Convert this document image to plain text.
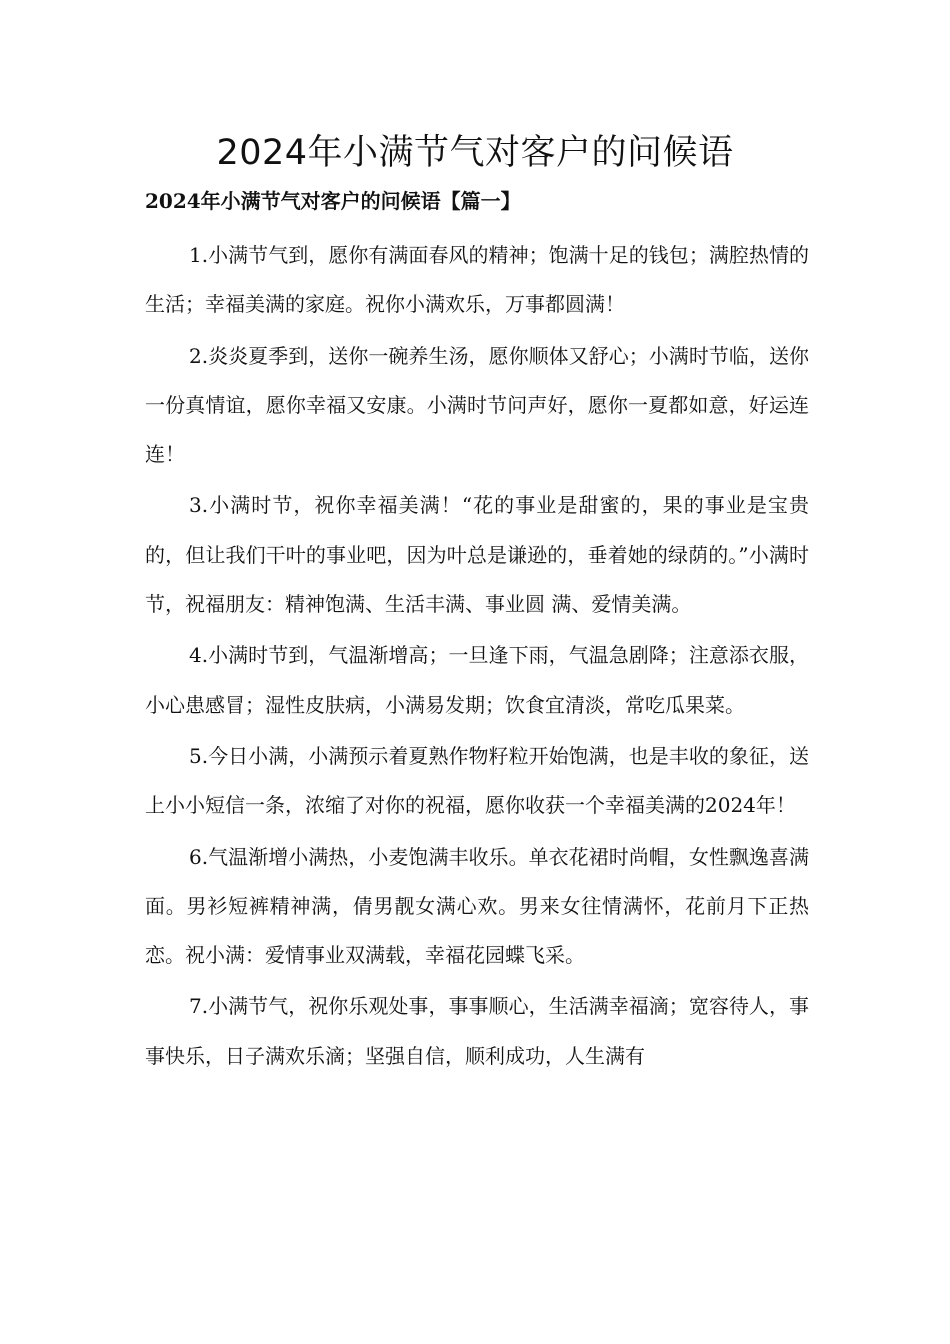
2024年小满节气对客户的问候语
2024年小满节气对客户的问候语【篇一】

1.小满节气到，愿你有满面春风的精神；饱满十足的钱包；满腔热情的生活；幸福美满的家庭。祝你小满欢乐，万事都圆满！

2.炎炎夏季到，送你一碗养生汤，愿你顺体又舒心；小满时节临，送你一份真情谊，愿你幸福又安康。小满时节问声好，愿你一夏都如意，好运连连！

3.小满时节，祝你幸福美满！“花的事业是甜蜜的，果的事业是宝贵的，但让我们干叶的事业吧，因为叶总是谦逊的，垂着她的绿荫的。”小满时节，祝福朋友：精神饱满、生活丰满、事业圆 满、爱情美满。

4.小满时节到，气温渐增高；一旦逢下雨，气温急剧降；注意添衣服，小心患感冒；湿性皮肤病，小满易发期；饮食宜清淡，常吃瓜果菜。

5.今日小满，小满预示着夏熟作物籽粒开始饱满，也是丰收的象征，送上小小短信一条，浓缩了对你的祝福，愿你收获一个幸福美满的2024年！

6.气温渐增小满热，小麦饱满丰收乐。单衣花裙时尚帽，女性飘逸喜满面。男衫短裤精神满，倩男靓女满心欢。男来女往情满怀，花前月下正热恋。祝小满：爱情事业双满载，幸福花园蝶飞采。

7.小满节气，祝你乐观处事，事事顺心，生活满幸福滴；宽容待人，事事快乐，日子满欢乐滴；坚强自信，顺利成功，人生满有
